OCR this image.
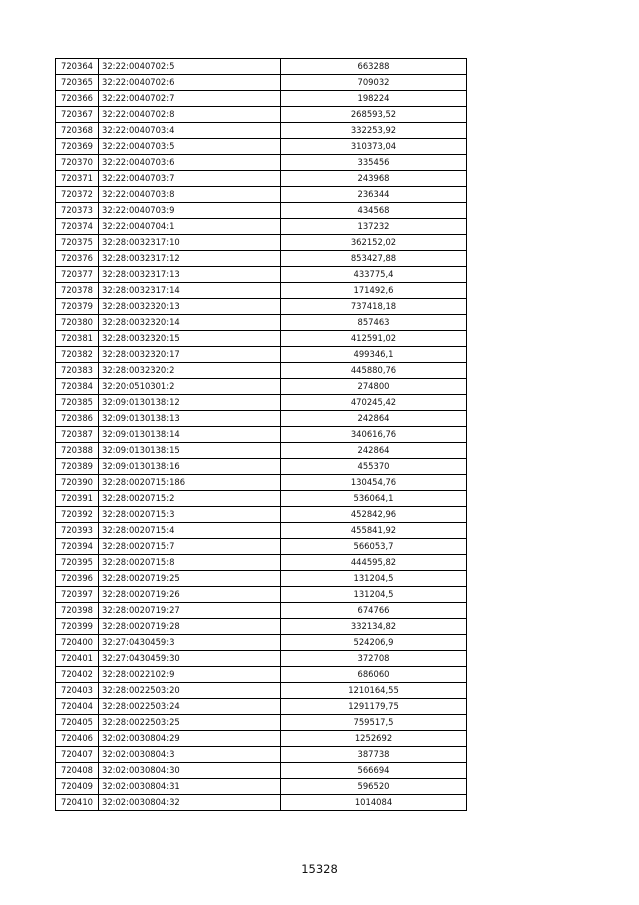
720364	32:22:0040702:5	663288
720365	32:22:0040702:6	709032
720366	32:22:0040702:7	198224
720367	32:22:0040702:8	268593,52
720368	32:22:0040703:4	332253,92
720369	32:22:0040703:5	310373,04
720370	32:22:0040703:6	335456
720371	32:22:0040703:7	243968
720372	32:22:0040703:8	236344
720373	32:22:0040703:9	434568
720374	32:22:0040704:1	137232
720375	32:28:0032317:10	362152,02
720376	32:28:0032317:12	853427,88
720377	32:28:0032317:13	433775,4
720378	32:28:0032317:14	171492,6
720379	32:28:0032320:13	737418,18
720380	32:28:0032320:14	857463
720381	32:28:0032320:15	412591,02
720382	32:28:0032320:17	499346,1
720383	32:28:0032320:2	445880,76
720384	32:20:0510301:2	274800
720385	32:09:0130138:12	470245,42
720386	32:09:0130138:13	242864
720387	32:09:0130138:14	340616,76
720388	32:09:0130138:15	242864
720389	32:09:0130138:16	455370
720390	32:28:0020715:186	130454,76
720391	32:28:0020715:2	536064,1
720392	32:28:0020715:3	452842,96
720393	32:28:0020715:4	455841,92
720394	32:28:0020715:7	566053,7
720395	32:28:0020715:8	444595,82
720396	32:28:0020719:25	131204,5
720397	32:28:0020719:26	131204,5
720398	32:28:0020719:27	674766
720399	32:28:0020719:28	332134,82
720400	32:27:0430459:3	524206,9
720401	32:27:0430459:30	372708
720402	32:28:0022102:9	686060
720403	32:28:0022503:20	1210164,55
720404	32:28:0022503:24	1291179,75
720405	32:28:0022503:25	759517,5
720406	32:02:0030804:29	1252692
720407	32:02:0030804:3	387738
720408	32:02:0030804:30	566694
720409	32:02:0030804:31	596520
720410	32:02:0030804:32	1014084
15328
